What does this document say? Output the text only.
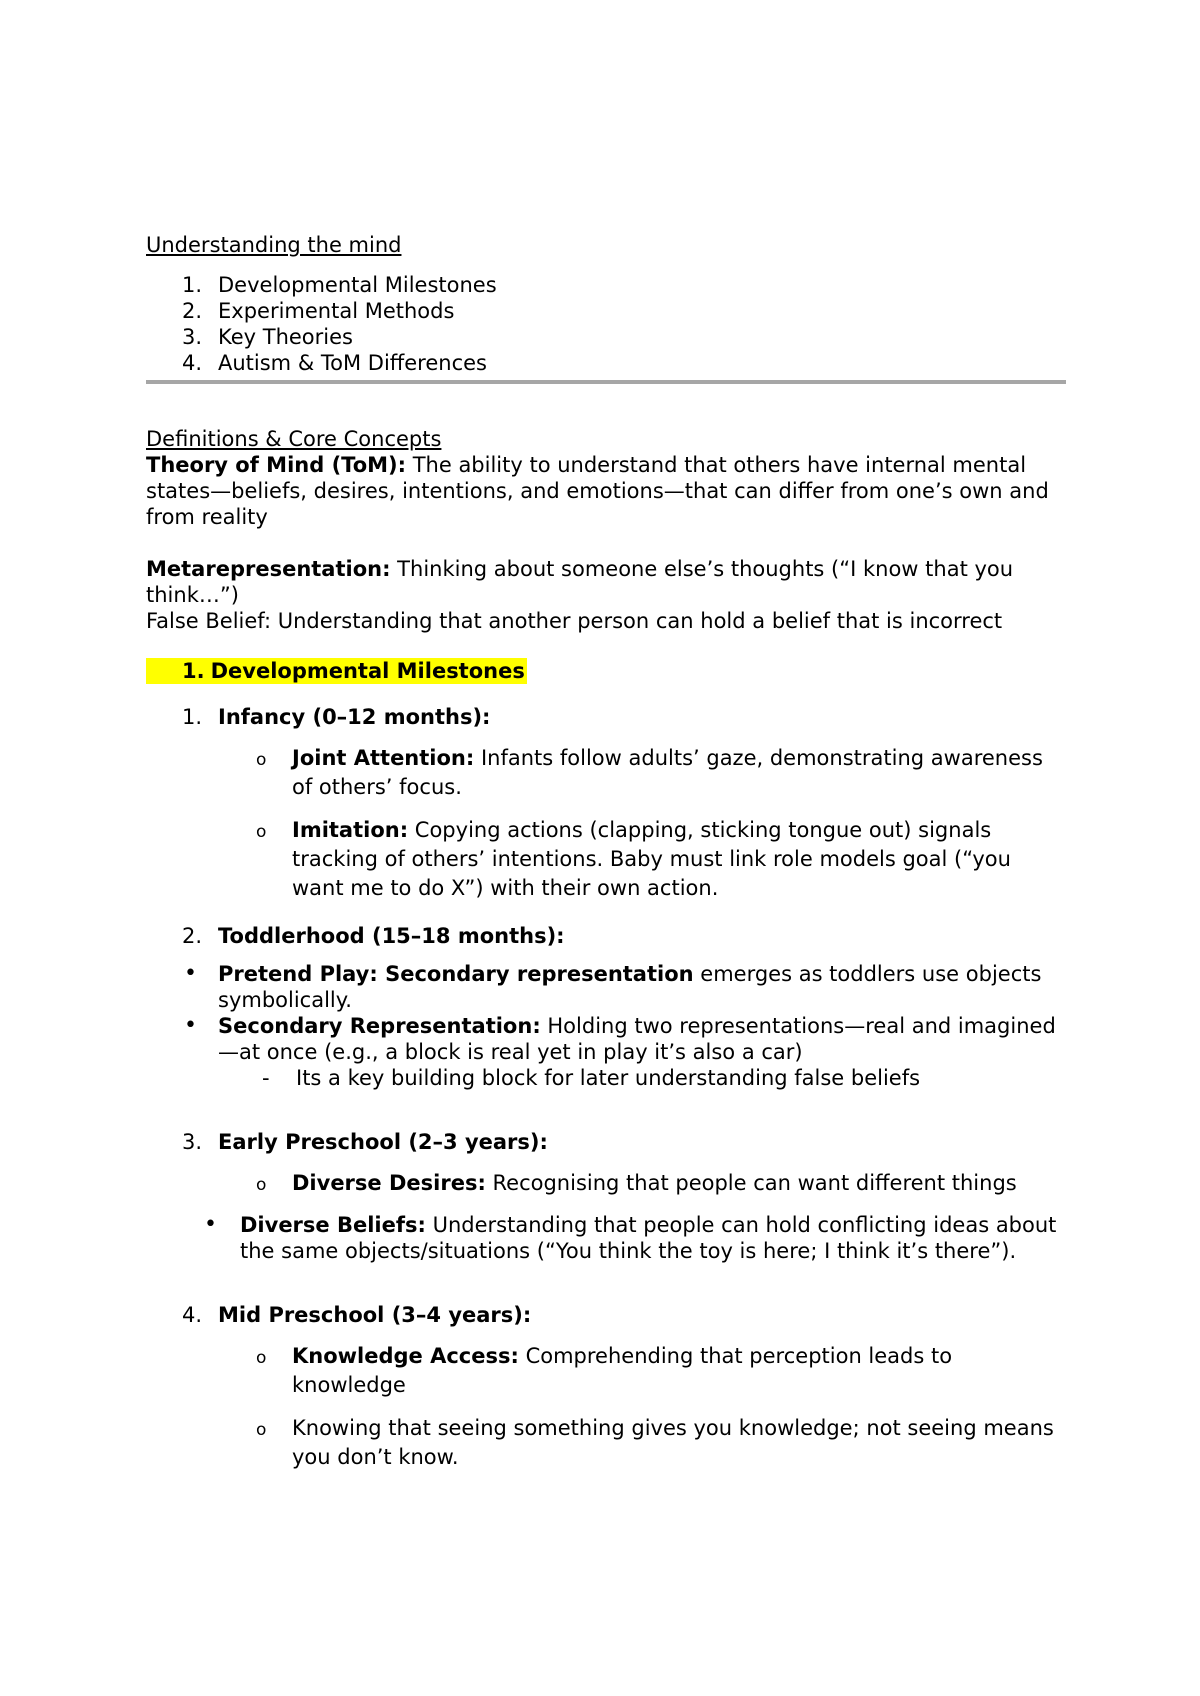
Understanding the mind
1. Developmental Milestones
2. Experimental Methods
3. Key Theories
4. Autism & ToM Differences
Definitions & Core Concepts
Theory of Mind (ToM): The ability to understand that others have internal mental states—beliefs, desires, intentions, and emotions—that can differ from one’s own and from reality
Metarepresentation: Thinking about someone else’s thoughts (“I know that you think…”)
False Belief: Understanding that another person can hold a belief that is incorrect
1. Developmental Milestones
1. Infancy (0–12 months):
o Joint Attention: Infants follow adults’ gaze, demonstrating awareness of others’ focus.
o Imitation: Copying actions (clapping, sticking tongue out) signals tracking of others’ intentions. Baby must link role models goal (“you want me to do X”) with their own action.
2. Toddlerhood (15–18 months):
• Pretend Play: Secondary representation emerges as toddlers use objects symbolically.
• Secondary Representation: Holding two representations—real and imagined—at once (e.g., a block is real yet in play it’s also a car)
- Its a key building block for later understanding false beliefs
3. Early Preschool (2–3 years):
o Diverse Desires: Recognising that people can want different things
• Diverse Beliefs: Understanding that people can hold conflicting ideas about the same objects/situations (“You think the toy is here; I think it’s there”).
4. Mid Preschool (3–4 years):
o Knowledge Access: Comprehending that perception leads to knowledge
o Knowing that seeing something gives you knowledge; not seeing means you don’t know.
